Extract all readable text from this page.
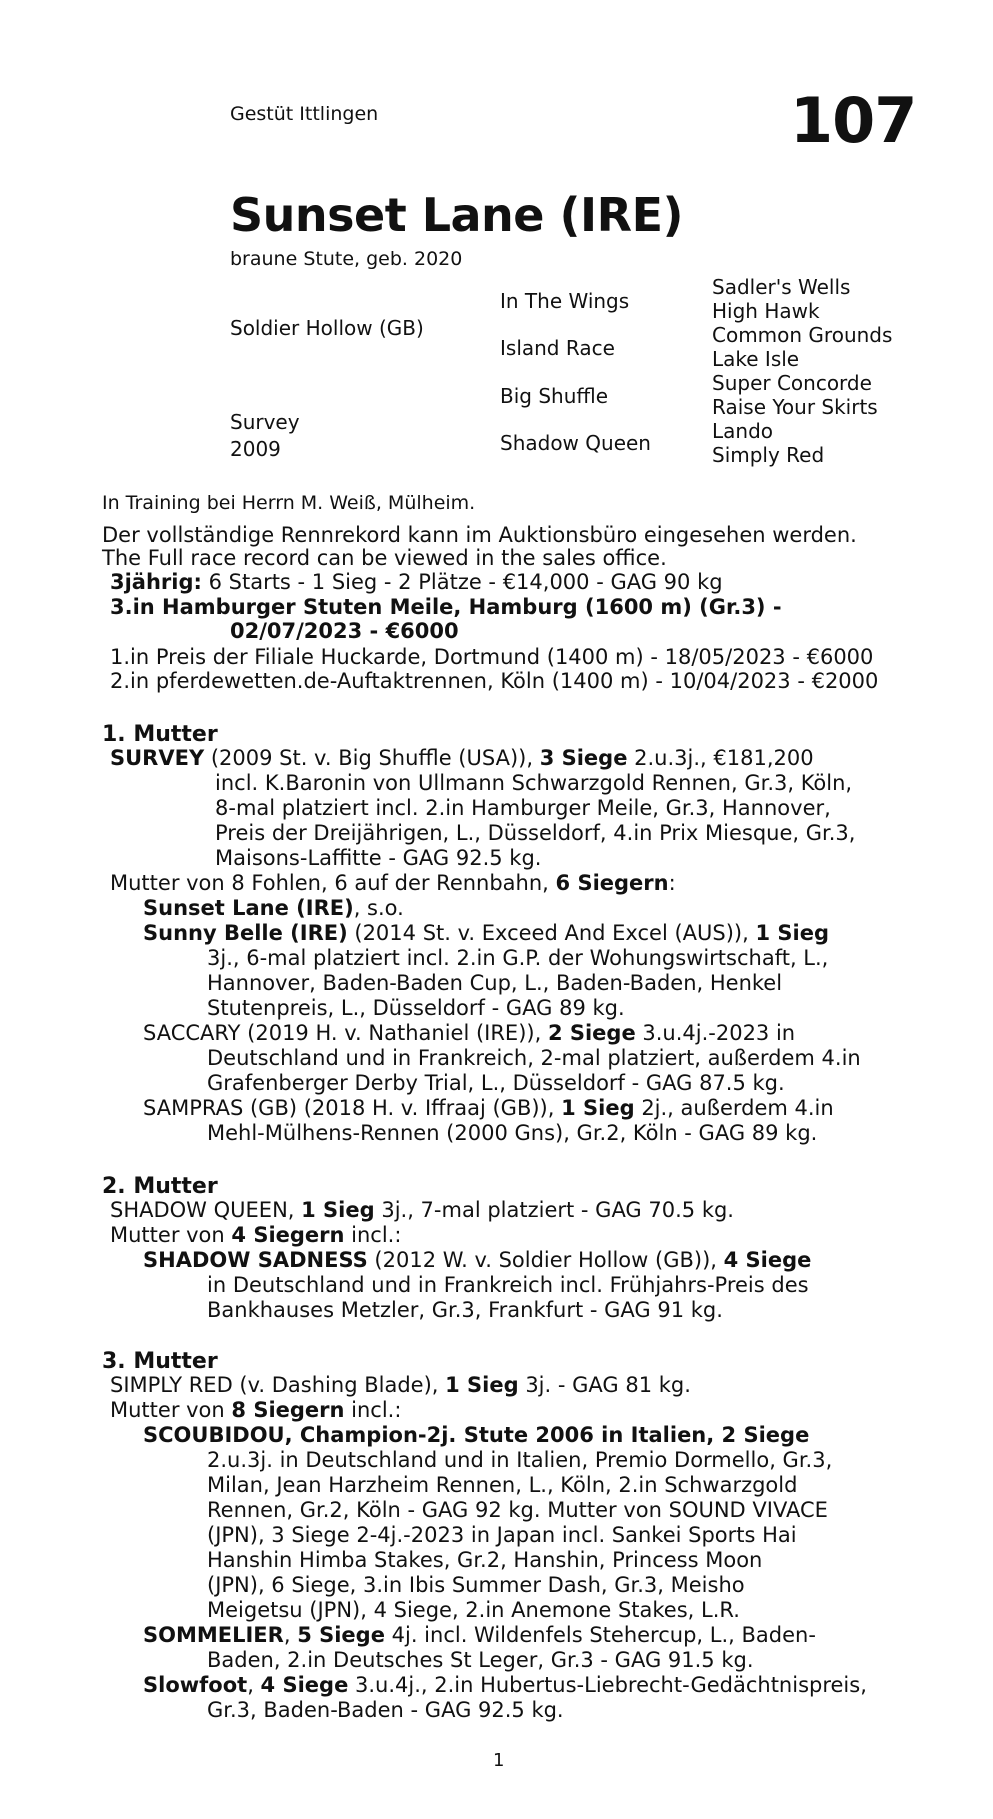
Gestüt Ittlingen	107
Sunset Lane (IRE)
braune Stute, geb. 2020
Soldier Hollow (GB)
Survey
2009
In The Wings
Island Race
Big Shuffle
Shadow Queen
Sadler's Wells
High Hawk
Common Grounds
Lake Isle
Super Concorde
Raise Your Skirts
Lando
Simply Red
In Training bei Herrn M. Weiß, Mülheim.
Der vollständige Rennrekord kann im Auktionsbüro eingesehen werden.
The Full race record can be viewed in the sales office.
3jährig: 6 Starts - 1 Sieg - 2 Plätze - €14,000 - GAG 90 kg
3.in Hamburger Stuten Meile, Hamburg (1600 m) (Gr.3) -
02/07/2023 - €6000
1.in Preis der Filiale Huckarde, Dortmund (1400 m) - 18/05/2023 - €6000
2.in pferdewetten.de-Auftaktrennen, Köln (1400 m) - 10/04/2023 - €2000
1. Mutter
SURVEY (2009 St. v. Big Shuffle (USA)), 3 Siege 2.u.3j., €181,200
incl. K.Baronin von Ullmann Schwarzgold Rennen, Gr.3, Köln,
8-mal platziert incl. 2.in Hamburger Meile, Gr.3, Hannover,
Preis der Dreijährigen, L., Düsseldorf, 4.in Prix Miesque, Gr.3,
Maisons-Laffitte - GAG 92.5 kg.
Mutter von 8 Fohlen, 6 auf der Rennbahn, 6 Siegern:
Sunset Lane (IRE), s.o.
Sunny Belle (IRE) (2014 St. v. Exceed And Excel (AUS)), 1 Sieg
3j., 6-mal platziert incl. 2.in G.P. der Wohungswirtschaft, L.,
Hannover, Baden-Baden Cup, L., Baden-Baden, Henkel
Stutenpreis, L., Düsseldorf - GAG 89 kg.
SACCARY (2019 H. v. Nathaniel (IRE)), 2 Siege 3.u.4j.-2023 in
Deutschland und in Frankreich, 2-mal platziert, außerdem 4.in
Grafenberger Derby Trial, L., Düsseldorf - GAG 87.5 kg.
SAMPRAS (GB) (2018 H. v. Iffraaj (GB)), 1 Sieg 2j., außerdem 4.in
Mehl-Mülhens-Rennen (2000 Gns), Gr.2, Köln - GAG 89 kg.
2. Mutter
SHADOW QUEEN, 1 Sieg 3j., 7-mal platziert - GAG 70.5 kg.
Mutter von 4 Siegern incl.:
SHADOW SADNESS (2012 W. v. Soldier Hollow (GB)), 4 Siege
in Deutschland und in Frankreich incl. Frühjahrs-Preis des
Bankhauses Metzler, Gr.3, Frankfurt - GAG 91 kg.
3. Mutter
SIMPLY RED (v. Dashing Blade), 1 Sieg 3j. - GAG 81 kg.
Mutter von 8 Siegern incl.:
SCOUBIDOU, Champion-2j. Stute 2006 in Italien, 2 Siege
2.u.3j. in Deutschland und in Italien, Premio Dormello, Gr.3,
Milan, Jean Harzheim Rennen, L., Köln, 2.in Schwarzgold
Rennen, Gr.2, Köln - GAG 92 kg. Mutter von SOUND VIVACE
(JPN), 3 Siege 2-4j.-2023 in Japan incl. Sankei Sports Hai
Hanshin Himba Stakes, Gr.2, Hanshin, Princess Moon
(JPN), 6 Siege, 3.in Ibis Summer Dash, Gr.3, Meisho
Meigetsu (JPN), 4 Siege, 2.in Anemone Stakes, L.R.
SOMMELIER, 5 Siege 4j. incl. Wildenfels Stehercup, L., Baden-
Baden, 2.in Deutsches St Leger, Gr.3 - GAG 91.5 kg.
Slowfoot, 4 Siege 3.u.4j., 2.in Hubertus-Liebrecht-Gedächtnispreis,
Gr.3, Baden-Baden - GAG 92.5 kg.
1
